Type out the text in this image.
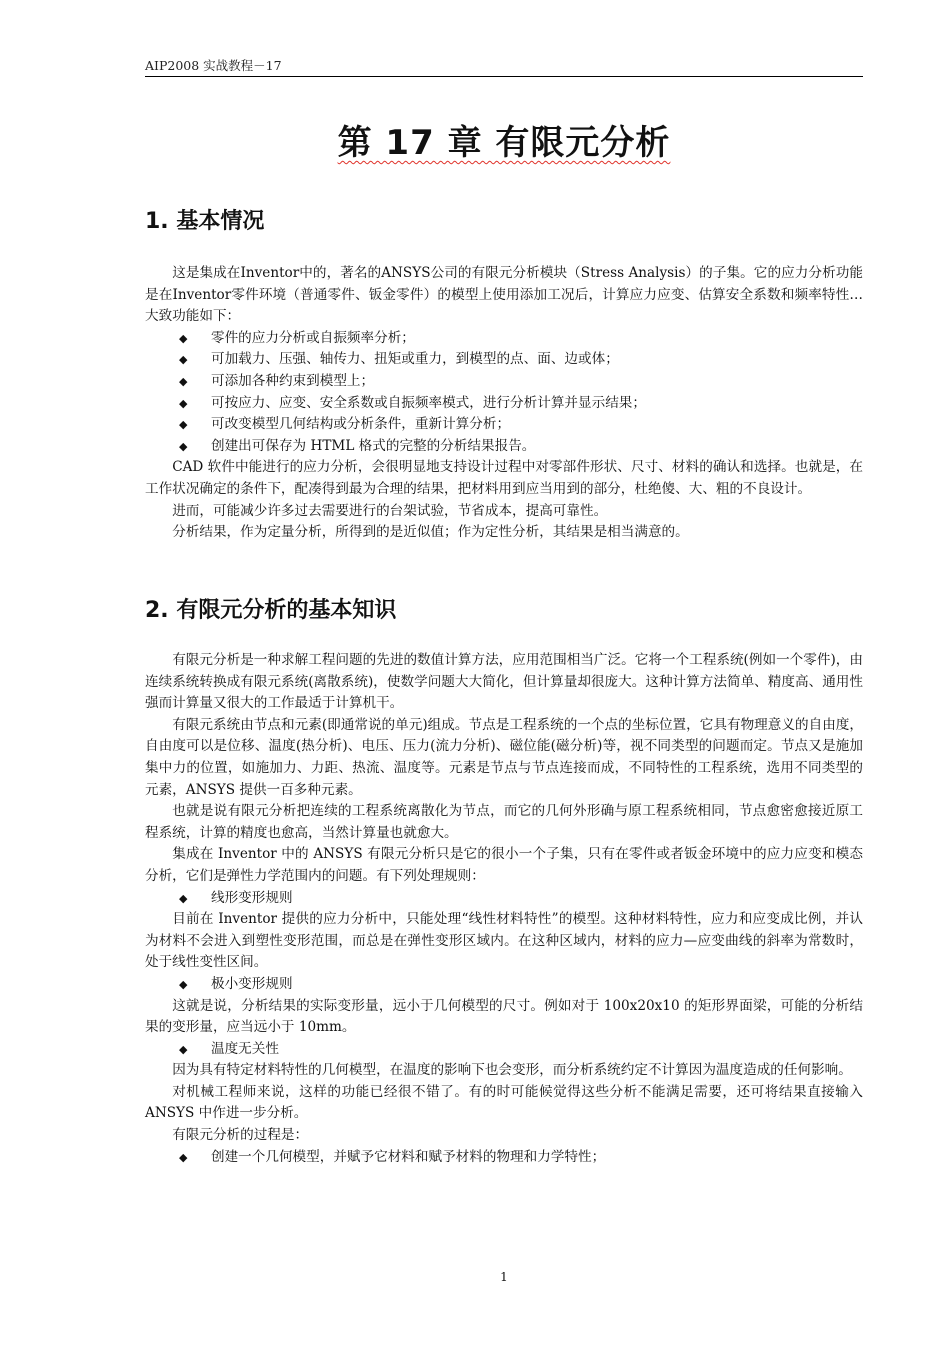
AIP2008 实战教程－17
第 17 章 有限元分析
1. 基本情况

这是集成在Inventor中的，著名的ANSYS公司的有限元分析模块（Stress Analysis）的子集。它的应力分析功能是在Inventor零件环境（普通零件、钣金零件）的模型上使用添加工况后，计算应力应变、估算安全系数和频率特性… 大致功能如下：

◆	零件的应力分析或自振频率分析；
◆	可加载力、压强、轴传力、扭矩或重力，到模型的点、面、边或体；
◆	可添加各种约束到模型上；
◆	可按应力、应变、安全系数或自振频率模式，进行分析计算并显示结果；
◆	可改变模型几何结构或分析条件，重新计算分析；
◆	创建出可保存为 HTML 格式的完整的分析结果报告。

CAD 软件中能进行的应力分析，会很明显地支持设计过程中对零部件形状、尺寸、材料的确认和选择。也就是，在工作状况确定的条件下，配凑得到最为合理的结果，把材料用到应当用到的部分，杜绝傻、大、粗的不良设计。

进而，可能减少许多过去需要进行的台架试验，节省成本，提高可靠性。

分析结果，作为定量分析，所得到的是近似值；作为定性分析，其结果是相当满意的。

2. 有限元分析的基本知识

有限元分析是一种求解工程问题的先进的数值计算方法，应用范围相当广泛。它将一个工程系统(例如一个零件)，由连续系统转换成有限元系统(离散系统)，使数学问题大大简化，但计算量却很庞大。这种计算方法简单、精度高、通用性强而计算量又很大的工作最适于计算机干。

有限元系统由节点和元素(即通常说的单元)组成。节点是工程系统的一个点的坐标位置，它具有物理意义的自由度，自由度可以是位移、温度(热分析)、电压、压力(流力分析)、磁位能(磁分析)等，视不同类型的问题而定。节点又是施加集中力的位置，如施加力、力距、热流、温度等。元素是节点与节点连接而成，不同特性的工程系统，选用不同类型的元素，ANSYS 提供一百多种元素。

也就是说有限元分析把连续的工程系统离散化为节点，而它的几何外形确与原工程系统相同，节点愈密愈接近原工程系统，计算的精度也愈高，当然计算量也就愈大。

集成在 Inventor 中的 ANSYS 有限元分析只是它的很小一个子集，只有在零件或者钣金环境中的应力应变和模态分析，它们是弹性力学范围内的问题。有下列处理规则：

◆	线形变形规则

目前在 Inventor 提供的应力分析中，只能处理“线性材料特性”的模型。这种材料特性，应力和应变成比例，并认为材料不会进入到塑性变形范围，而总是在弹性变形区域内。在这种区域内，材料的应力—应变曲线的斜率为常数时，处于线性变性区间。

◆	极小变形规则

这就是说，分析结果的实际变形量，远小于几何模型的尺寸。例如对于 100x20x10 的矩形界面梁，可能的分析结果的变形量，应当远小于 10mm。

◆	温度无关性

因为具有特定材料特性的几何模型，在温度的影响下也会变形，而分析系统约定不计算因为温度造成的任何影响。

对机械工程师来说，这样的功能已经很不错了。有的时可能候觉得这些分析不能满足需要，还可将结果直接输入 ANSYS 中作进一步分析。

有限元分析的过程是：

◆	创建一个几何模型，并赋予它材料和赋予材料的物理和力学特性；
1
